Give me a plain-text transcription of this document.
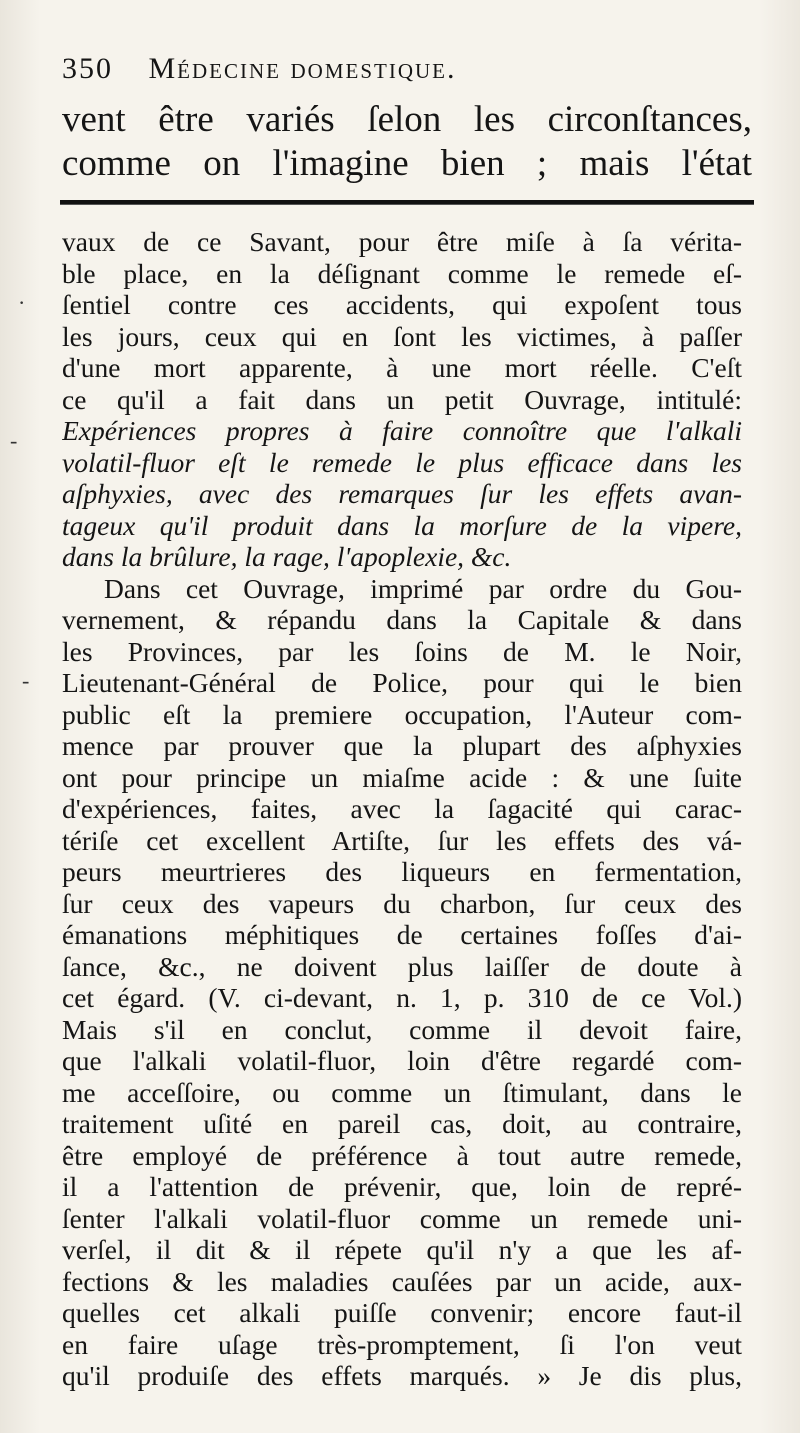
350 Médecine domestique.
vent être variés ſelon les circonſtances,
comme on l'imagine bien ; mais l'état
vaux de ce Savant, pour être miſe à ſa vérita-
ble place, en la déſignant comme le remede eſ-
ſentiel contre ces accidents, qui expoſent tous
les jours, ceux qui en ſont les victimes, à paſſer
d'une mort apparente, à une mort réelle. C'eſt
ce qu'il a fait dans un petit Ouvrage, intitulé:
Expériences propres à faire connoître que l'alkali
volatil-fluor eſt le remede le plus efficace dans les
aſphyxies, avec des remarques ſur les effets avan-
tageux qu'il produit dans la morſure de la vipere,
dans la brûlure, la rage, l'apoplexie, &c.
Dans cet Ouvrage, imprimé par ordre du Gou-
vernement, & répandu dans la Capitale & dans
les Provinces, par les ſoins de M. le Noir,
Lieutenant-Général de Police, pour qui le bien
public eſt la premiere occupation, l'Auteur com-
mence par prouver que la plupart des aſphyxies
ont pour principe un miaſme acide : & une ſuite
d'expériences, faites, avec la ſagacité qui carac-
tériſe cet excellent Artiſte, ſur les effets des vá-
peurs meurtrieres des liqueurs en fermentation,
ſur ceux des vapeurs du charbon, ſur ceux des
émanations méphitiques de certaines foſſes d'ai-
ſance, &c., ne doivent plus laiſſer de doute à
cet égard. (V. ci-devant, n. 1, p. 310 de ce Vol.)
Mais s'il en conclut, comme il devoit faire,
que l'alkali volatil-fluor, loin d'être regardé com-
me acceſſoire, ou comme un ſtimulant, dans le
traitement uſité en pareil cas, doit, au contraire,
être employé de préférence à tout autre remede,
il a l'attention de prévenir, que, loin de repré-
ſenter l'alkali volatil-fluor comme un remede uni-
verſel, il dit & il répete qu'il n'y a que les af-
fections & les maladies cauſées par un acide, aux-
quelles cet alkali puiſſe convenir; encore faut-il
en faire uſage très-promptement, ſi l'on veut
qu'il produiſe des effets marqués. » Je dis plus,
·
-
-
